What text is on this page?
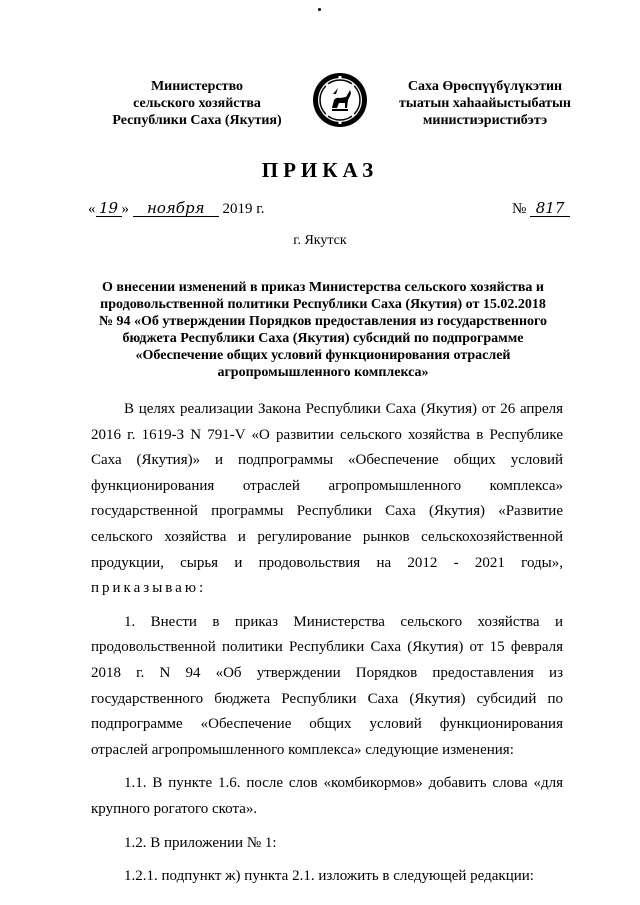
Министерство
сельского хозяйства
Республики Саха (Якутия)
Саха Өрөспүүбүлүкэтин
тыатын хаһаайыстыбатын
министиэристибэтэ
ПРИКАЗ
« 19 » ноября 2019 г.	№ 817
г. Якутск
О внесении изменений в приказ Министерства сельского хозяйства и продовольственной политики Республики Саха (Якутия) от 15.02.2018 № 94 «Об утверждении Порядков предоставления из государственного бюджета Республики Саха (Якутия) субсидий по подпрограмме «Обеспечение общих условий функционирования отраслей агропромышленного комплекса»

В целях реализации Закона Республики Саха (Якутия) от 26 апреля 2016 г. 1619-З N 791-V «О развитии сельского хозяйства в Республике Саха (Якутия)» и подпрограммы «Обеспечение общих условий функционирования отраслей агропромышленного комплекса» государственной программы Республики Саха (Якутия) «Развитие сельского хозяйства и регулирование рынков сельскохозяйственной продукции, сырья и продовольствия на 2012 - 2021 годы», приказываю:

1. Внести в приказ Министерства сельского хозяйства и продовольственной политики Республики Саха (Якутия) от 15 февраля 2018 г. N 94 «Об утверждении Порядков предоставления из государственного бюджета Республики Саха (Якутия) субсидий по подпрограмме «Обеспечение общих условий функционирования отраслей агропромышленного комплекса» следующие изменения:

1.1. В пункте 1.6. после слов «комбикормов» добавить слова «для крупного рогатого скота».

1.2. В приложении № 1:

1.2.1. подпункт ж) пункта 2.1. изложить в следующей редакции:
